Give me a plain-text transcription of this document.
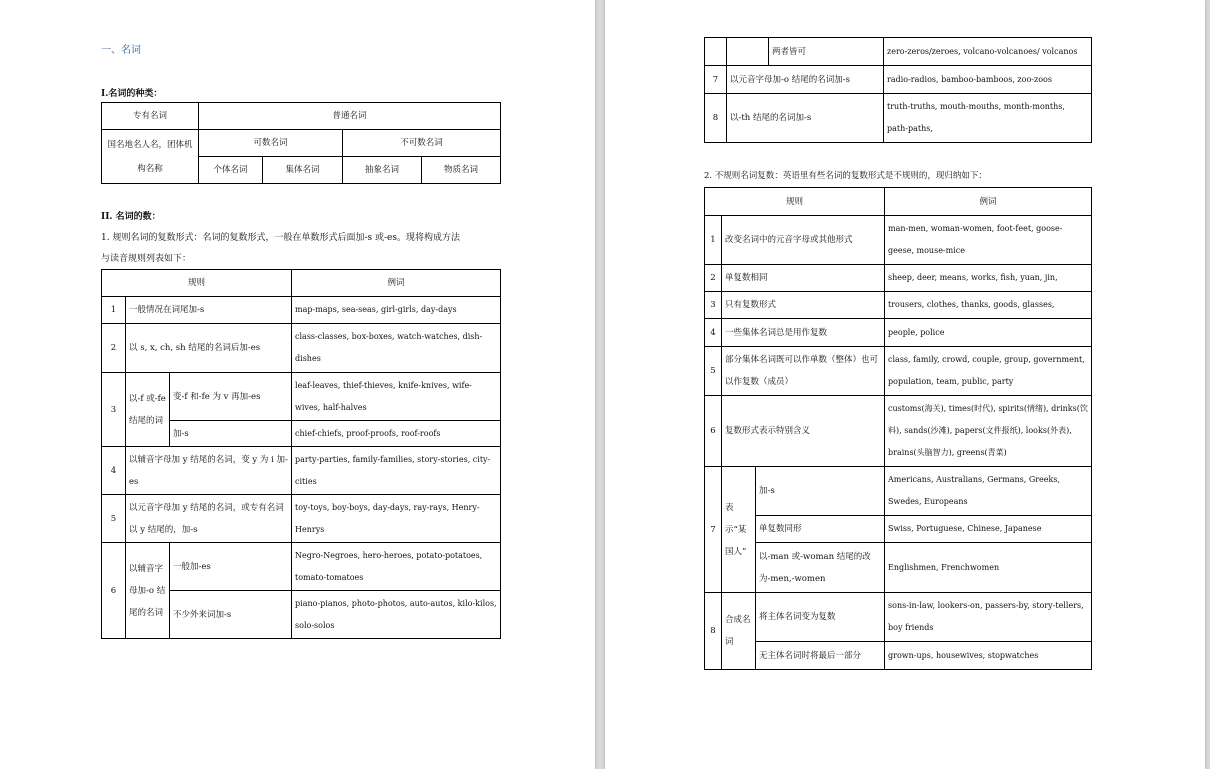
一、名词
I.名词的种类：
专有名词	普通名词			
国名地名人名，团体机构名称	可数名词		不可数名词	
	个体名词	集体名词	抽象名词	物质名词
II. 名词的数：
1. 规则名词的复数形式：名词的复数形式，一般在单数形式后面加-s 或-es。现将构成方法
与读音规则列表如下：
规则			例词
1	一般情况在词尾加-s		map-maps, sea-seas, girl-girls, day-days
2	以 s, x, ch, sh 结尾的名词后加-es		class-classes, box-boxes, watch-watches, dish-dishes
3	以-f 或-fe 结尾的词	变-f 和-fe 为 v 再加-es	leaf-leaves, thief-thieves, knife-knives, wife-wives, half-halves
		加-s	chief-chiefs, proof-proofs, roof-roofs
4	以辅音字母加 y 结尾的名词，变 y 为 i 加-es		party-parties, family-families, story-stories, city-cities
5	以元音字母加 y 结尾的名词，或专有名词以 y 结尾的，加-s		toy-toys, boy-boys, day-days, ray-rays, Henry-Henrys
6	以辅音字母加-o 结尾的名词	一般加-es	Negro-Negroes, hero-heroes, potato-potatoes, tomato-tomatoes
		不少外来词加-s	piano-pianos, photo-photos, auto-autos, kilo-kilos, solo-solos
		两者皆可	zero-zeros/zeroes, volcano-volcanoes/ volcanos
7	以元音字母加-o 结尾的名词加-s		radio-radios, bamboo-bamboos, zoo-zoos
8	以-th 结尾的名词加-s		truth-truths, mouth-mouths, month-months, path-paths,
2. 不规则名词复数：英语里有些名词的复数形式是不规则的，现归纳如下：
规则			例词
1	改变名词中的元音字母或其他形式		man-men, woman-women, foot-feet, goose-geese, mouse-mice
2	单复数相同		sheep, deer, means, works, fish, yuan, jin,
3	只有复数形式		trousers, clothes, thanks, goods, glasses,
4	一些集体名词总是用作复数		people, police
5	部分集体名词既可以作单数（整体）也可以作复数（成员）		class, family, crowd, couple, group, government, population, team, public, party
6	复数形式表示特别含义		customs(海关), times(时代), spirits(情绪), drinks(饮料), sands(沙滩), papers(文件报纸), looks(外表), brains(头脑智力), greens(青菜)
7	表示“某国人”	加-s	Americans, Australians, Germans, Greeks, Swedes, Europeans
		单复数同形	Swiss, Portuguese, Chinese, Japanese
		以-man 或-woman 结尾的改为-men,-women	Englishmen, Frenchwomen
8	合成名词	将主体名词变为复数	sons-in-law, lookers-on, passers-by, story-tellers, boy friends
		无主体名词时将最后一部分	grown-ups, housewives, stopwatches
